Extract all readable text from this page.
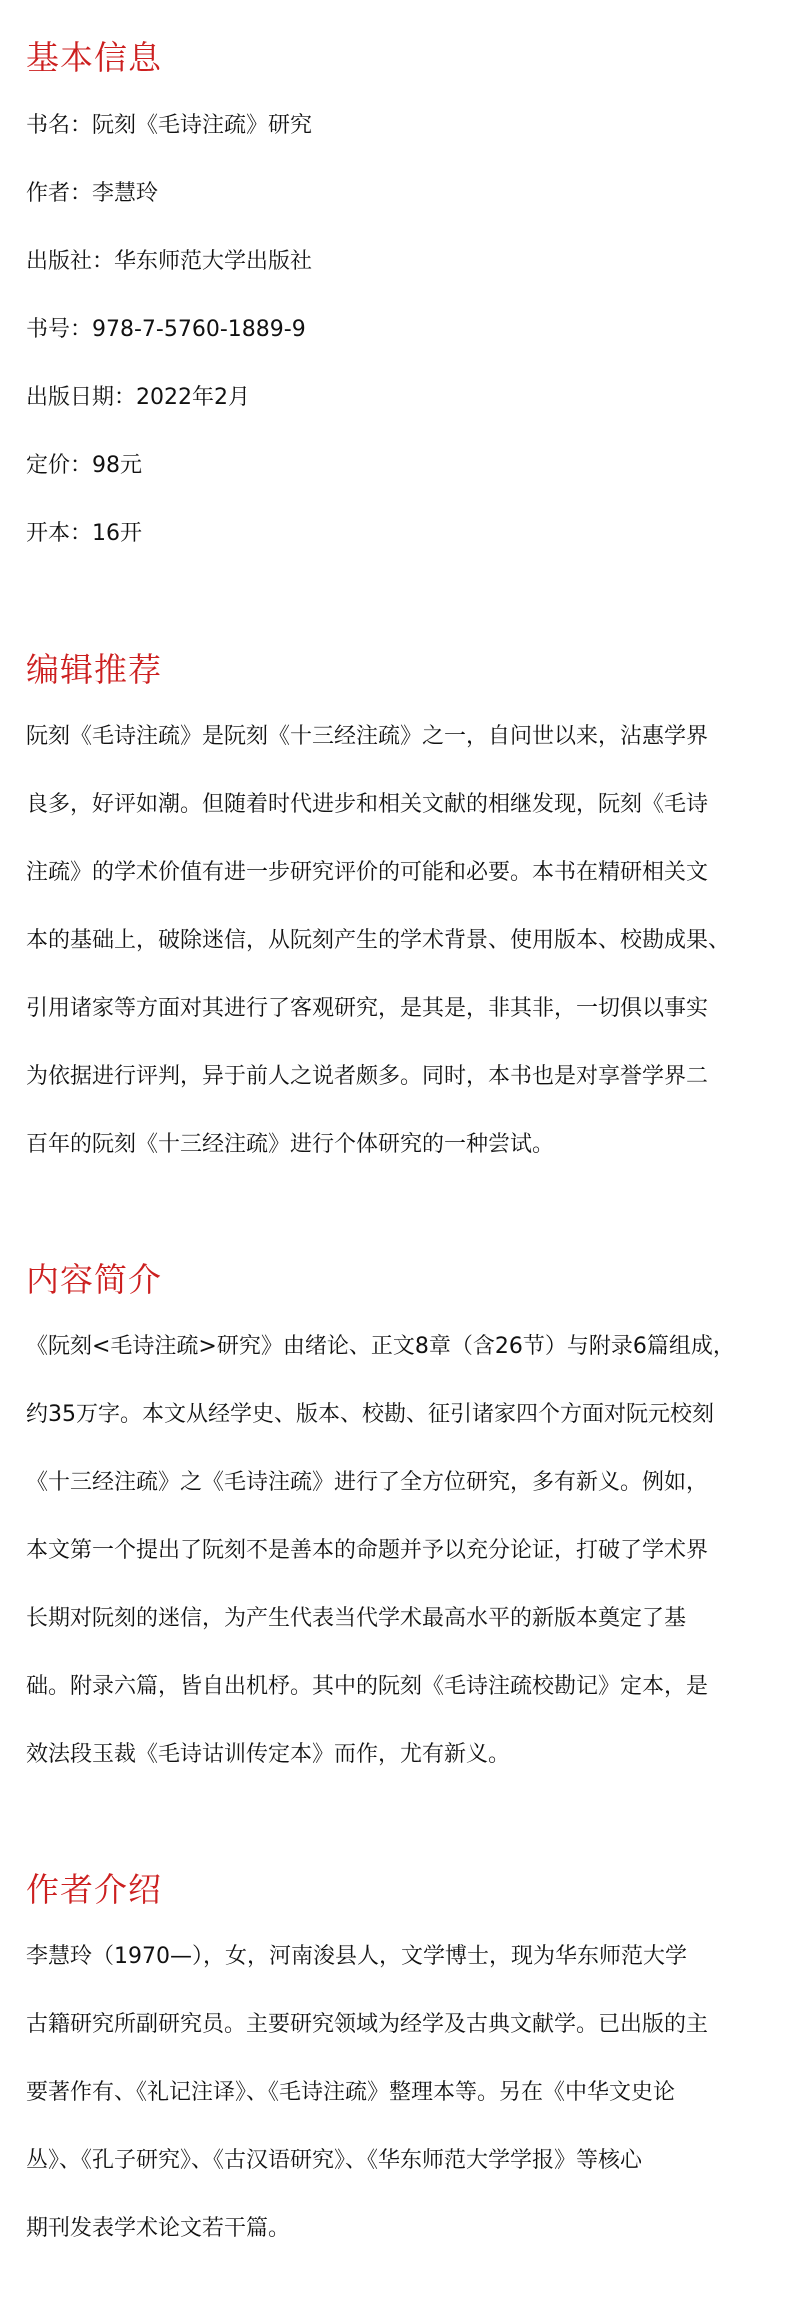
基本信息

书名：阮刻《毛诗注疏》研究

作者：李慧玲

出版社：华东师范大学出版社

书号：978-7-5760-1889-9

出版日期：2022年2月

定价：98元

开本：16开

编辑推荐

阮刻《毛诗注疏》是阮刻《十三经注疏》之一，自问世以来，沾惠学界

良多，好评如潮。但随着时代进步和相关文献的相继发现，阮刻《毛诗

注疏》的学术价值有进一步研究评价的可能和必要。本书在精研相关文

本的基础上，破除迷信，从阮刻产生的学术背景、使用版本、校勘成果、

引用诸家等方面对其进行了客观研究，是其是，非其非，一切俱以事实

为依据进行评判，异于前人之说者颇多。同时，本书也是对享誉学界二

百年的阮刻《十三经注疏》进行个体研究的一种尝试。

内容简介

《阮刻<毛诗注疏>研究》由绪论、正文8章（含26节）与附录6篇组成，

约35万字。本文从经学史、版本、校勘、征引诸家四个方面对阮元校刻

《十三经注疏》之《毛诗注疏》进行了全方位研究，多有新义。例如，

本文第一个提出了阮刻不是善本的命题并予以充分论证，打破了学术界

长期对阮刻的迷信，为产生代表当代学术最高水平的新版本奠定了基

础。附录六篇，皆自出机杼。其中的阮刻《毛诗注疏校勘记》定本，是

效法段玉裁《毛诗诂训传定本》而作，尤有新义。

作者介绍

李慧玲（1970—），女，河南浚县人，文学博士，现为华东师范大学

古籍研究所副研究员。主要研究领域为经学及古典文献学。已出版的主

要著作有、《礼记注译》、《毛诗注疏》整理本等。另在《中华文史论

丛》、《孔子研究》、《古汉语研究》、《华东师范大学学报》等核心

期刊发表学术论文若干篇。
